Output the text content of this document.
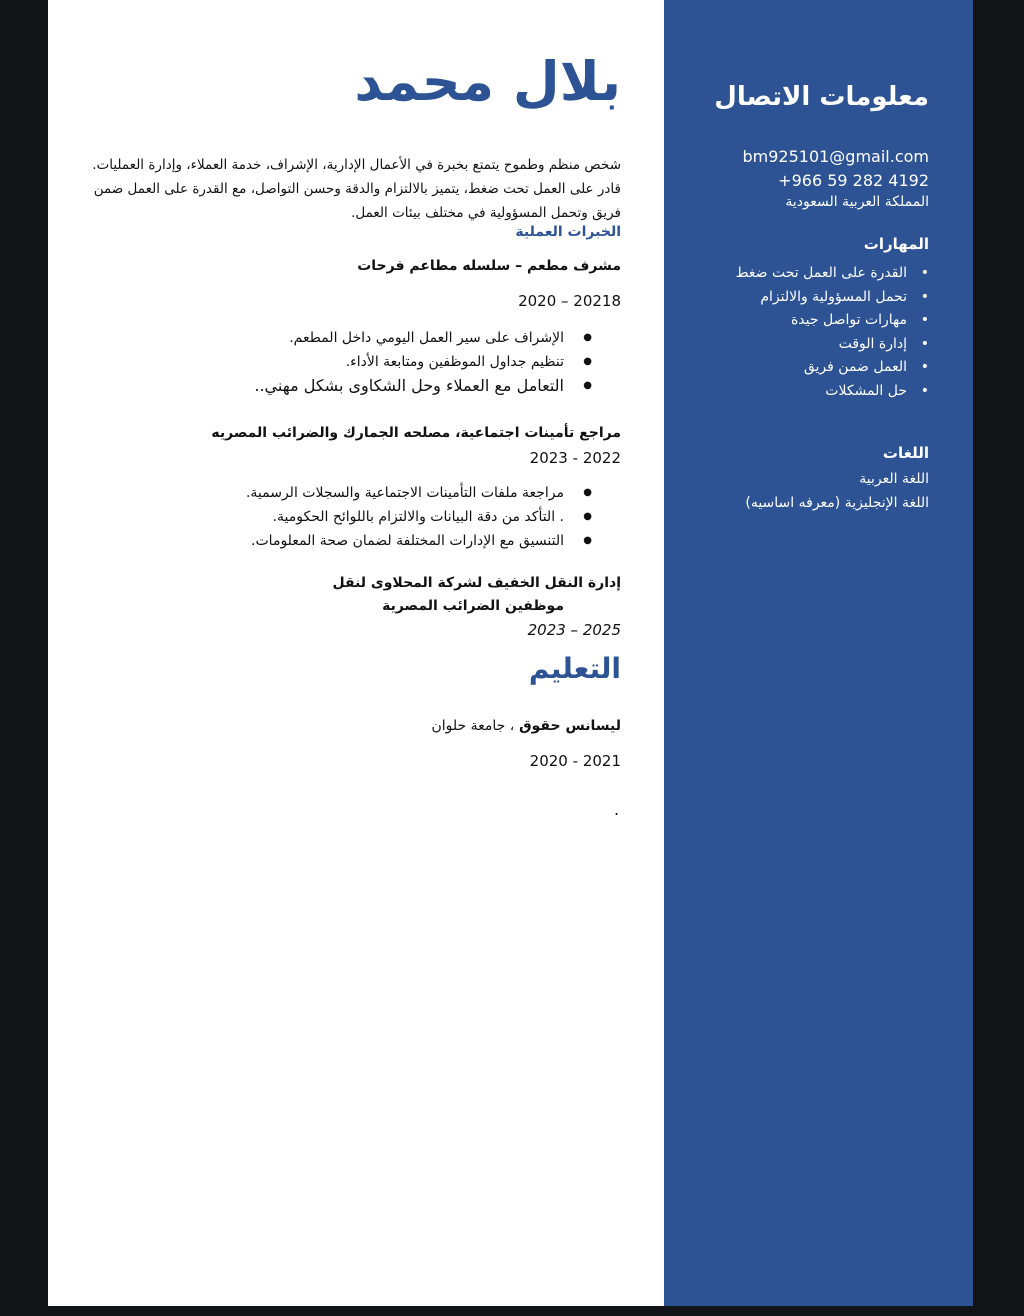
معلومات الاتصال
bm925101@gmail.com
+966 59 282 4192
المملكة العربية السعودية
المهارات
• القدرة على العمل تحت ضغط
• تحمل المسؤولية والالتزام
• مهارات تواصل جيدة
• إدارة الوقت
• العمل ضمن فريق
• حل المشكلات
اللغات
اللغة العربية
اللغة الإنجليزية (معرفه اساسيه)
بلال محمد
شخص منظم وطموح يتمتع بخبرة في الأعمال الإدارية، الإشراف، خدمة العملاء، وإدارة العمليات. قادر على العمل تحت ضغط، يتميز بالالتزام والدقة وحسن التواصل، مع القدرة على العمل ضمن فريق وتحمل المسؤولية في مختلف بيئات العمل.
الخبرات العملية
مشرف مطعم – سلسله مطاعم فرحات
2020 – 20218
● الإشراف على سير العمل اليومي داخل المطعم.
● تنظيم جداول الموظفين ومتابعة الأداء.
● التعامل مع العملاء وحل الشكاوى بشكل مهني..
مراجع تأمينات اجتماعية، مصلحه الجمارك والضرائب المصريه
2022 - 2023
● مراجعة ملفات التأمينات الاجتماعية والسجلات الرسمية.
● . التأكد من دقة البيانات والالتزام باللوائح الحكومية.
● التنسيق مع الإدارات المختلفة لضمان صحة المعلومات.
إدارة النقل الخفيف لشركة المحلاوى لنقل
موظفين الضرائب المصرية
2023 – 2025
التعليم
ليسانس حقوق ، جامعة حلوان
2021 - 2020
.
